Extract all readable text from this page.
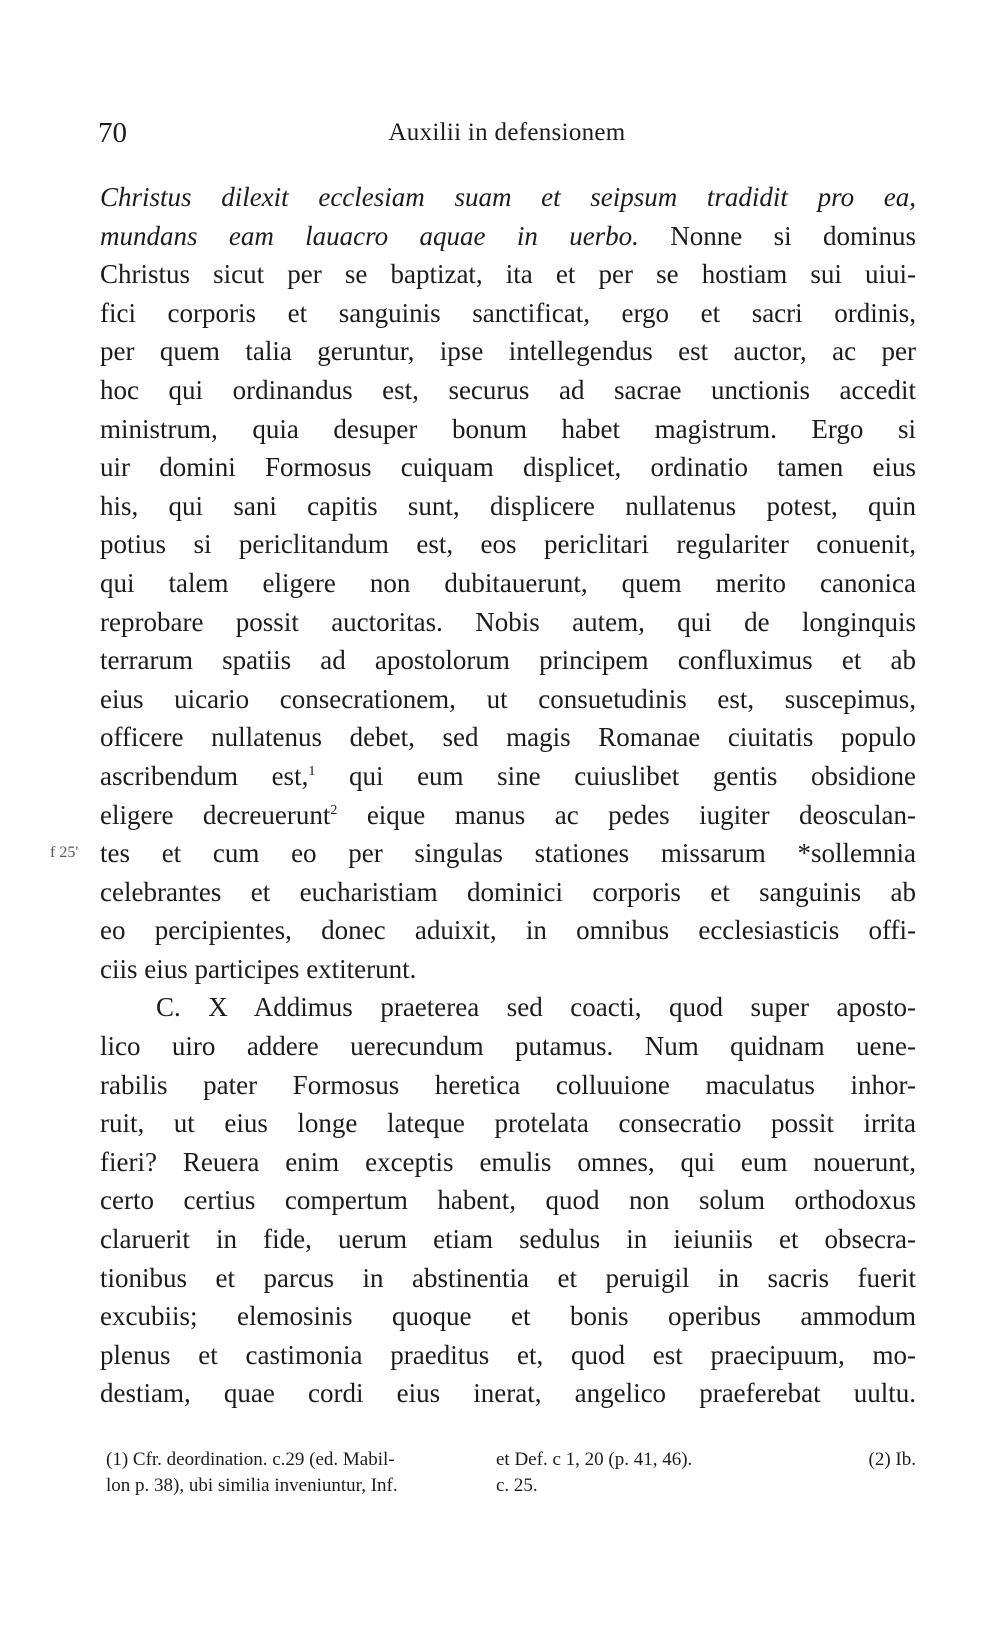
70	Auxilii in defensionem
Christus dilexit ecclesiam suam et seipsum tradidit pro ea,
mundans eam lauacro aquae in uerbo. Nonne si dominus
Christus sicut per se baptizat, ita et per se hostiam sui uiui-
fici corporis et sanguinis sanctificat, ergo et sacri ordinis,
per quem talia geruntur, ipse intellegendus est auctor, ac per
hoc qui ordinandus est, securus ad sacrae unctionis accedit
ministrum, quia desuper bonum habet magistrum. Ergo si
uir domini Formosus cuiquam displicet, ordinatio tamen eius
his, qui sani capitis sunt, displicere nullatenus potest, quin
potius si periclitandum est, eos periclitari regulariter conuenit,
qui talem eligere non dubitauerunt, quem merito canonica
reprobare possit auctoritas. Nobis autem, qui de longinquis
terrarum spatiis ad apostolorum principem confluximus et ab
eius uicario consecrationem, ut consuetudinis est, suscepimus,
officere nullatenus debet, sed magis Romanae ciuitatis populo
ascribendum est,$^1$ qui eum sine cuiuslibet gentis obsidione
eligere decreuerunt$^2$ eique manus ac pedes iugiter deosculan-
f 25' tes et cum eo per singulas stationes missarum *sollemnia
celebrantes et eucharistiam dominici corporis et sanguinis ab
eo percipientes, donec aduixit, in omnibus ecclesiasticis offi-
ciis eius participes extiterunt.
C. X Addimus praeterea sed coacti, quod super aposto-
lico uiro addere uerecundum putamus. Num quidnam uene-
rabilis pater Formosus heretica colluuione maculatus inhor-
ruit, ut eius longe lateque protelata consecratio possit irrita
fieri? Reuera enim exceptis emulis omnes, qui eum nouerunt,
certo certius compertum habent, quod non solum orthodoxus
claruerit in fide, uerum etiam sedulus in ieiuniis et obsecra-
tionibus et parcus in abstinentia et peruigil in sacris fuerit
excubiis; elemosinis quoque et bonis operibus ammodum
plenus et castimonia praeditus et, quod est praecipuum, mo-
destiam, quae cordi eius inerat, angelico praeferebat uultu.
(1) Cfr. deordination. c.29 (ed. Mabil-	et Def. c 1, 20 (p. 41, 46).	(2) Ib.
lon p. 38), ubi similia inveniuntur, Inf.	c. 25.
